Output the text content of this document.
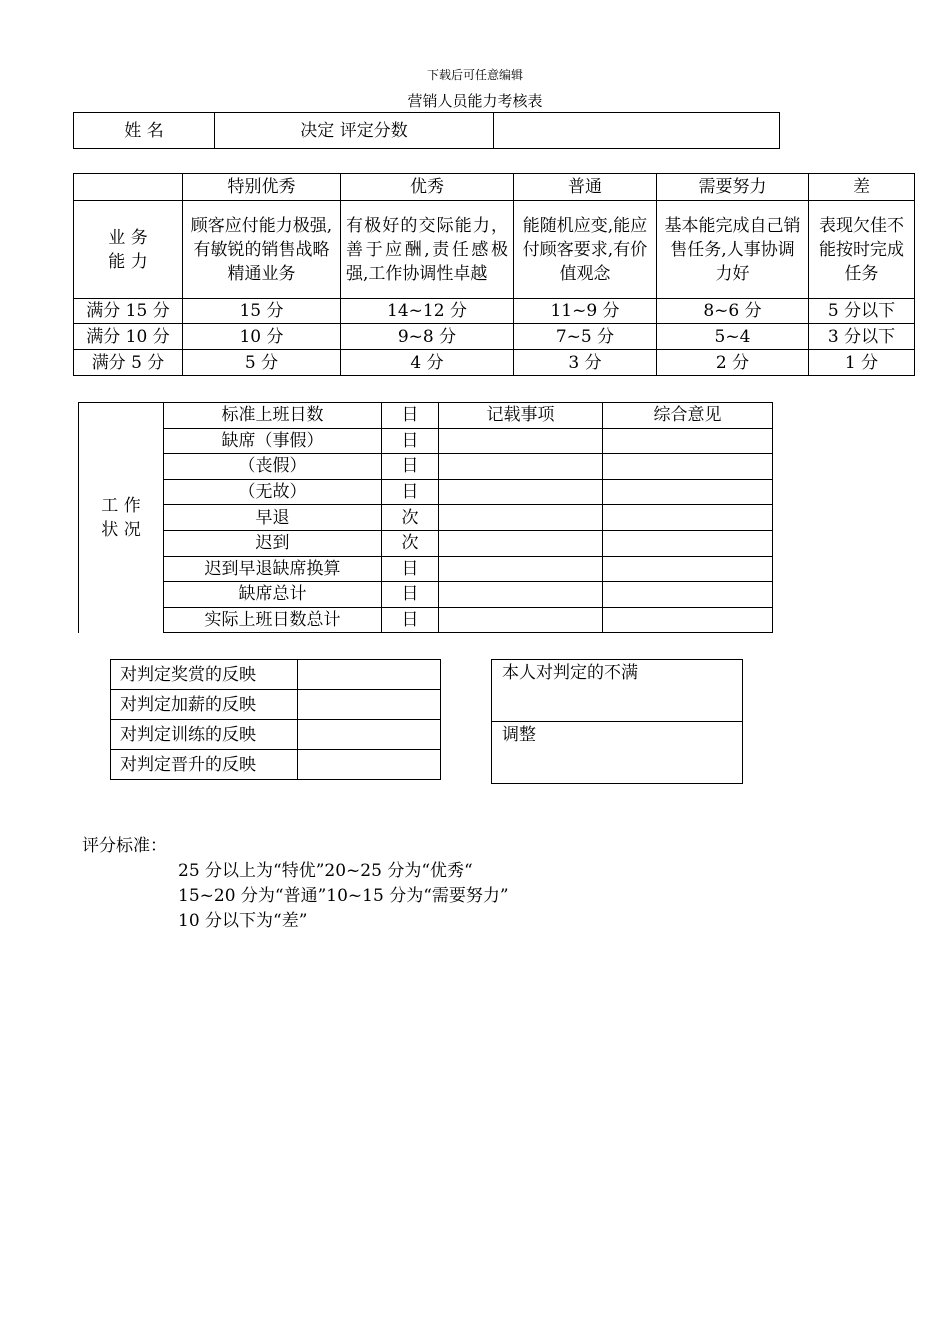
下载后可任意编辑
营销人员能力考核表
姓 名	决定 评定分数	
	特别优秀	优秀	普通	需要努力	差

业 务
能 力	顾客应付能力极强,有敏锐的销售战略精通业务	有极好的交际能力，善于应酬,责任感极强,工作协调性卓越	能随机应变,能应付顾客要求,有价值观念	基本能完成自己销售任务,人事协调力好	表现欠佳不能按时完成任务
满分 15 分	15 分	14~12 分	11~9 分	8~6 分	5 分以下
满分 10 分	10 分	9~8 分	7~5 分	5~4	3 分以下
满分 5 分	5 分	4 分	3 分	2 分	1 分
工 作
状 况	标准上班日数	日	记载事项	综合意见
	缺席（事假）	日		
	（丧假）	日		
	（无故）	日		
	早退	次		
	迟到	次		
	迟到早退缺席换算	日		
	缺席总计	日		
	实际上班日数总计	日		
对判定奖赏的反映	
对判定加薪的反映	
对判定训练的反映	
对判定晋升的反映	
本人对判定的不满
调整
评分标准：
25 分以上为“特优”20~25 分为“优秀“
15~20 分为“普通”10~15 分为“需要努力”
10 分以下为“差”
